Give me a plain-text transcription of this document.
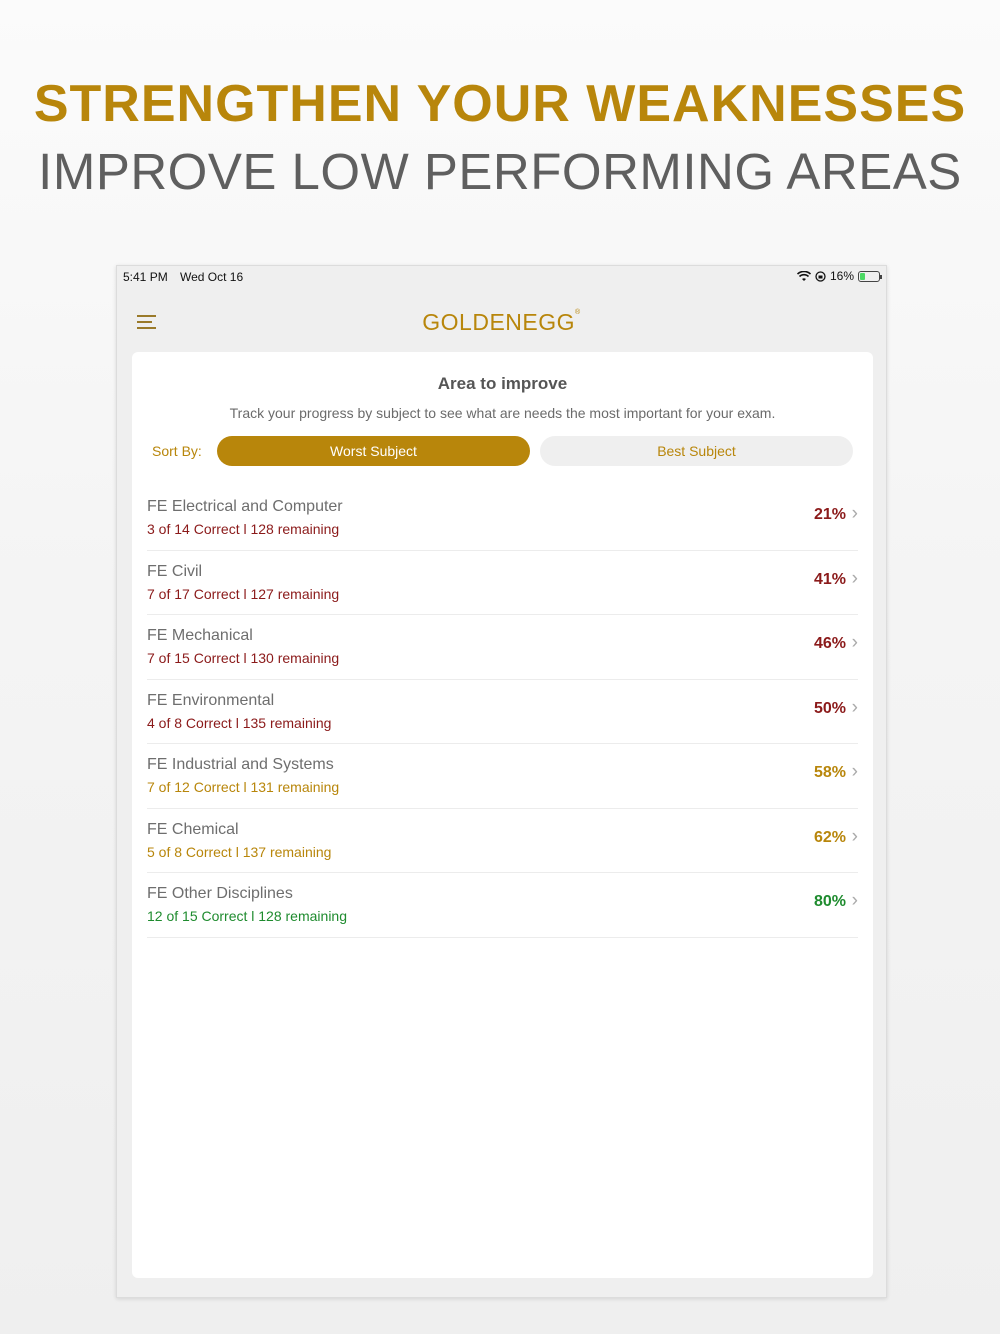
STRENGTHEN YOUR WEAKNESSES
IMPROVE LOW PERFORMING AREAS
5:41 PM Wed Oct 16	16%
GOLDENEGG®
Area to improve
Track your progress by subject to see what are needs the most important for your exam.
Sort By:	Worst Subject	Best Subject
FE Electrical and Computer
3 of 14 Correct l 128 remaining
21% ›
FE Civil
7 of 17 Correct l 127 remaining
41% ›
FE Mechanical
7 of 15 Correct l 130 remaining
46% ›
FE Environmental
4 of 8 Correct l 135 remaining
50% ›
FE Industrial and Systems
7 of 12 Correct l 131 remaining
58% ›
FE Chemical
5 of 8 Correct l 137 remaining
62% ›
FE Other Disciplines
12 of 15 Correct l 128 remaining
80% ›
